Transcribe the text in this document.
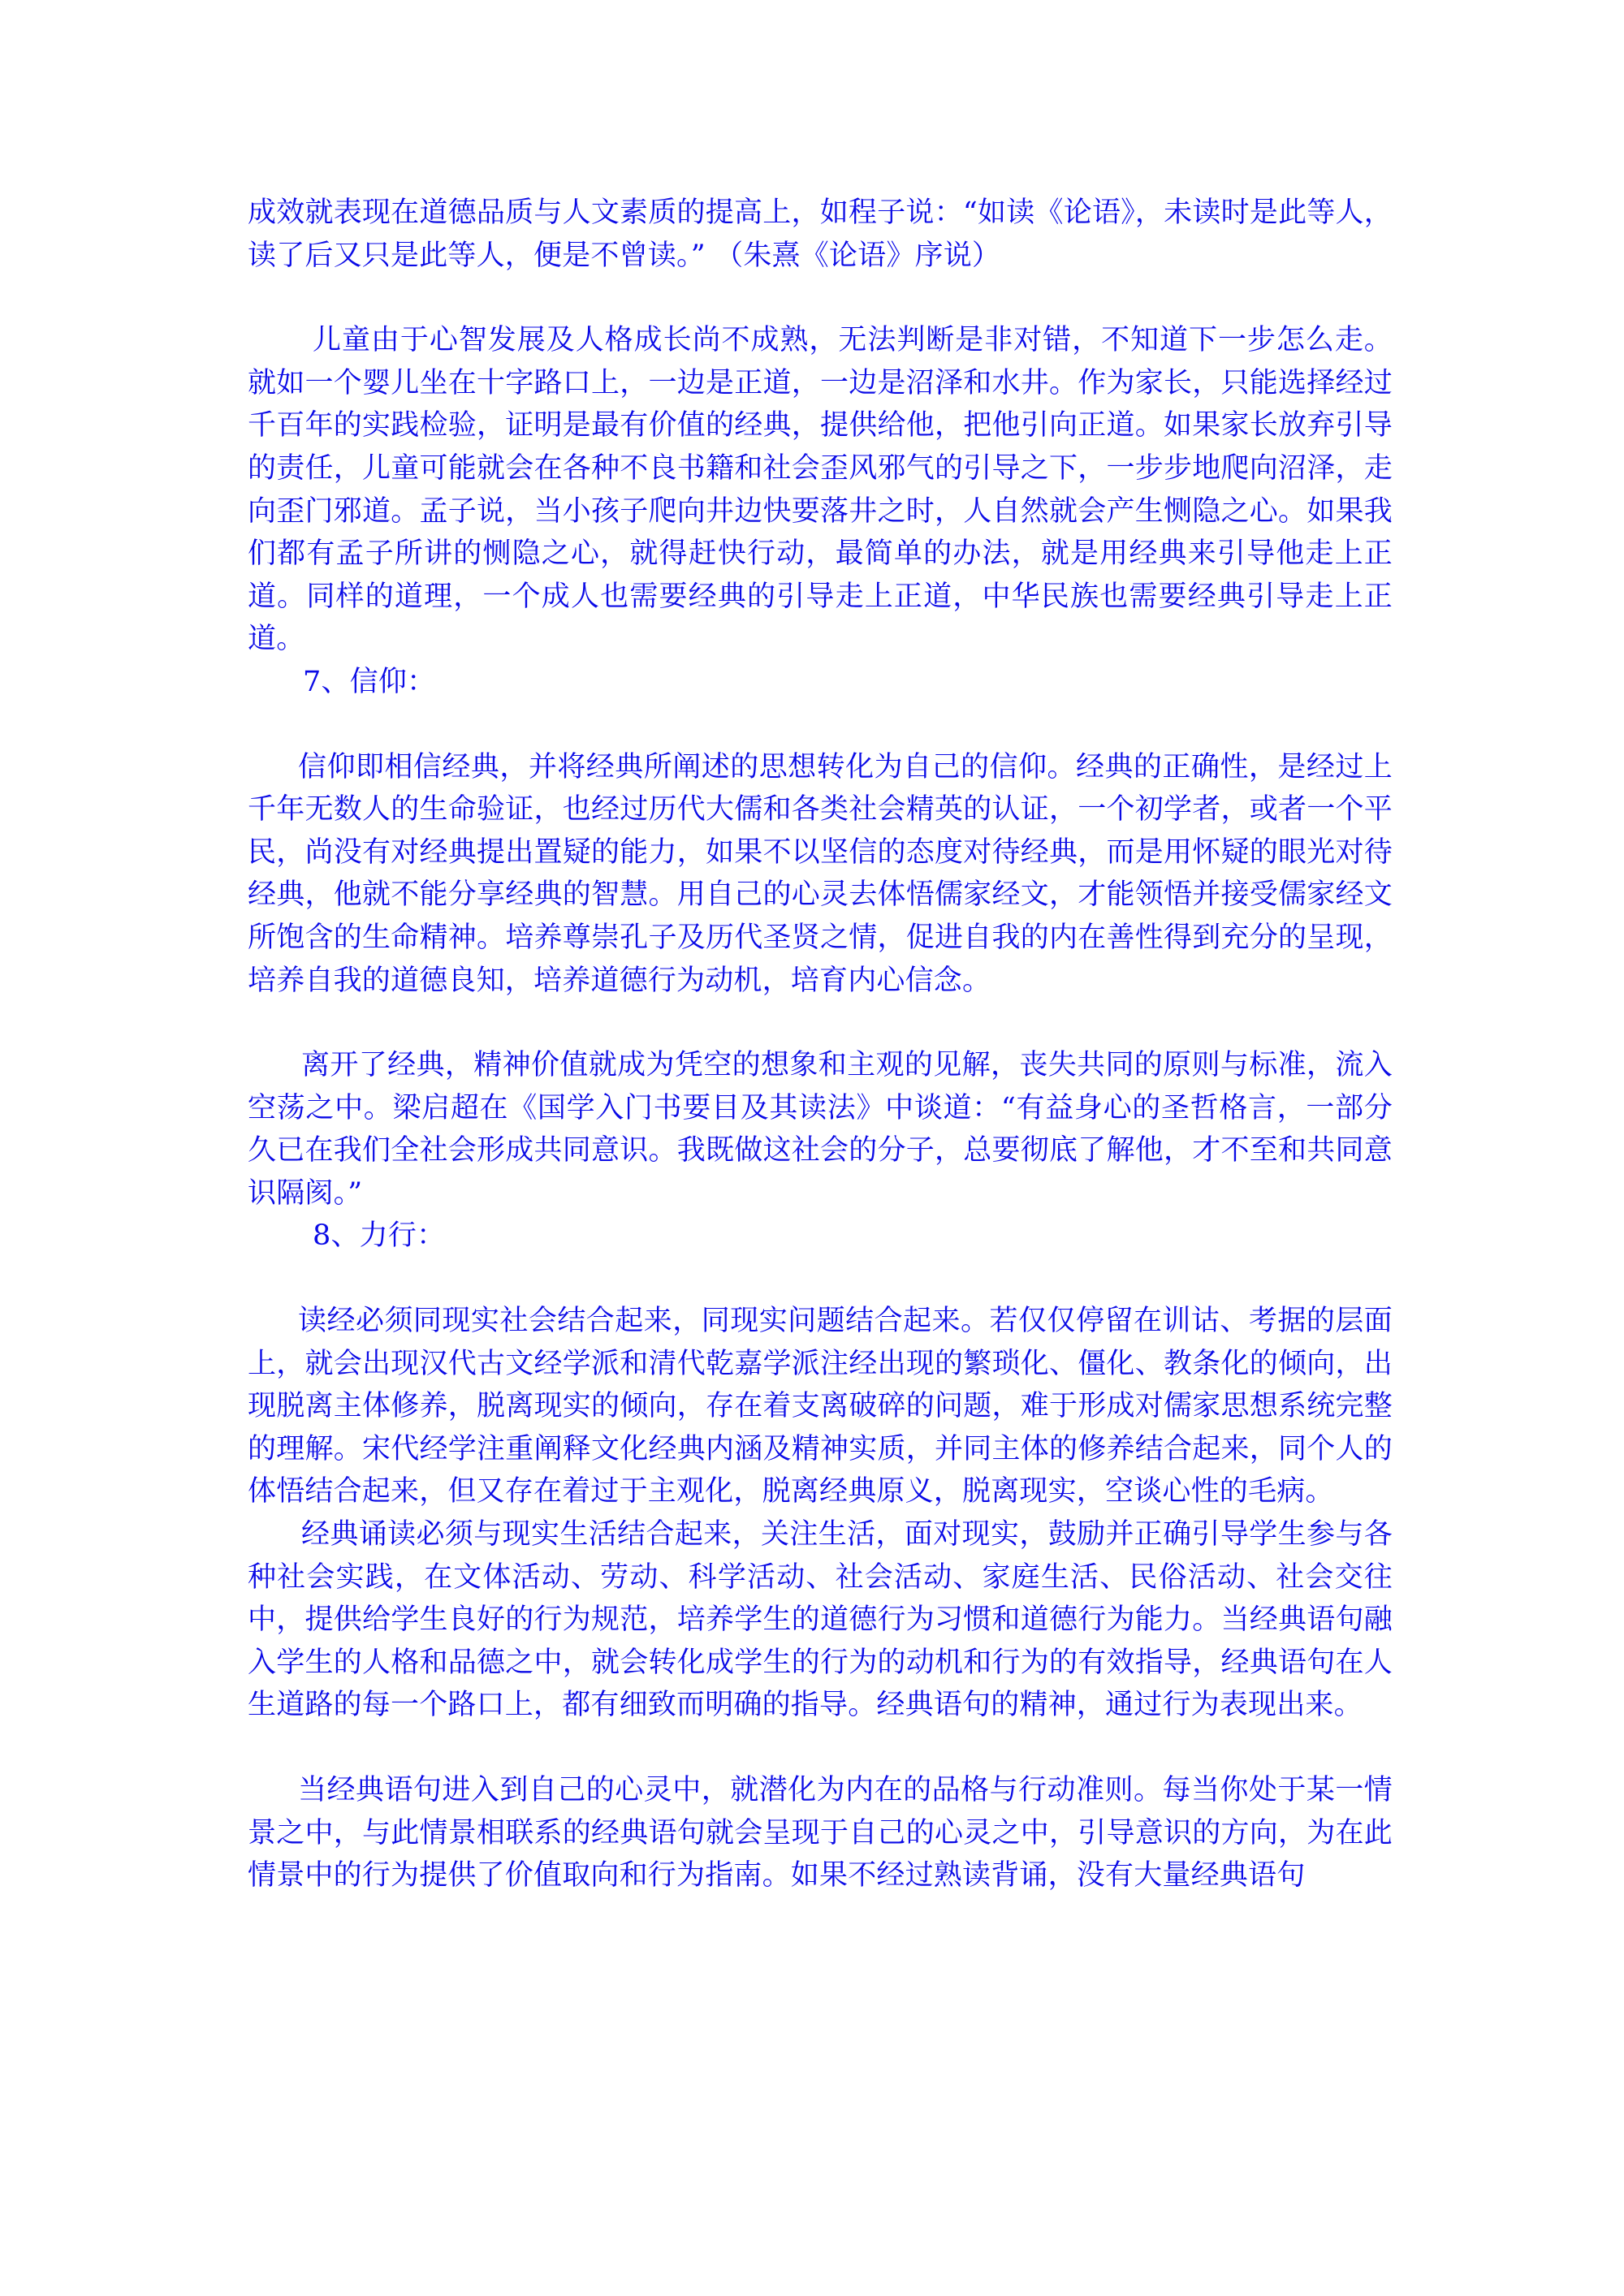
成效就表现在道德品质与人文素质的提高上，如程子说：“如读《论语》，未读时是此等人，读了后又只是此等人，便是不曾读。” （朱熹《论语》序说）

儿童由于心智发展及人格成长尚不成熟，无法判断是非对错，不知道下一步怎么走。就如一个婴儿坐在十字路口上，一边是正道，一边是沼泽和水井。作为家长，只能选择经过千百年的实践检验，证明是最有价值的经典，提供给他，把他引向正道。如果家长放弃引导的责任，儿童可能就会在各种不良书籍和社会歪风邪气的引导之下，一步步地爬向沼泽，走向歪门邪道。孟子说，当小孩子爬向井边快要落井之时，人自然就会产生恻隐之心。如果我们都有孟子所讲的恻隐之心，就得赶快行动，最简单的办法，就是用经典来引导他走上正道。同样的道理，一个成人也需要经典的引导走上正道，中华民族也需要经典引导走上正道。

7、信仰：

信仰即相信经典，并将经典所阐述的思想转化为自己的信仰。经典的正确性，是经过上千年无数人的生命验证，也经过历代大儒和各类社会精英的认证，一个初学者，或者一个平民，尚没有对经典提出置疑的能力，如果不以坚信的态度对待经典，而是用怀疑的眼光对待经典，他就不能分享经典的智慧。用自己的心灵去体悟儒家经文，才能领悟并接受儒家经文所饱含的生命精神。培养尊崇孔子及历代圣贤之情，促进自我的内在善性得到充分的呈现，培养自我的道德良知，培养道德行为动机，培育内心信念。

离开了经典，精神价值就成为凭空的想象和主观的见解，丧失共同的原则与标准，流入空荡之中。梁启超在《国学入门书要目及其读法》中谈道：“有益身心的圣哲格言，一部分久已在我们全社会形成共同意识。我既做这社会的分子，总要彻底了解他，才不至和共同意识隔阂。”

8、力行：

读经必须同现实社会结合起来，同现实问题结合起来。若仅仅停留在训诂、考据的层面上，就会出现汉代古文经学派和清代乾嘉学派注经出现的繁琐化、僵化、教条化的倾向，出现脱离主体修养，脱离现实的倾向，存在着支离破碎的问题，难于形成对儒家思想系统完整的理解。宋代经学注重阐释文化经典内涵及精神实质，并同主体的修养结合起来，同个人的体悟结合起来，但又存在着过于主观化，脱离经典原义，脱离现实，空谈心性的毛病。

经典诵读必须与现实生活结合起来，关注生活，面对现实，鼓励并正确引导学生参与各种社会实践，在文体活动、劳动、科学活动、社会活动、家庭生活、民俗活动、社会交往中，提供给学生良好的行为规范，培养学生的道德行为习惯和道德行为能力。当经典语句融入学生的人格和品德之中，就会转化成学生的行为的动机和行为的有效指导，经典语句在人生道路的每一个路口上，都有细致而明确的指导。经典语句的精神，通过行为表现出来。

当经典语句进入到自己的心灵中，就潜化为内在的品格与行动准则。每当你处于某一情景之中，与此情景相联系的经典语句就会呈现于自己的心灵之中，引导意识的方向，为在此情景中的行为提供了价值取向和行为指南。如果不经过熟读背诵，没有大量经典语句
